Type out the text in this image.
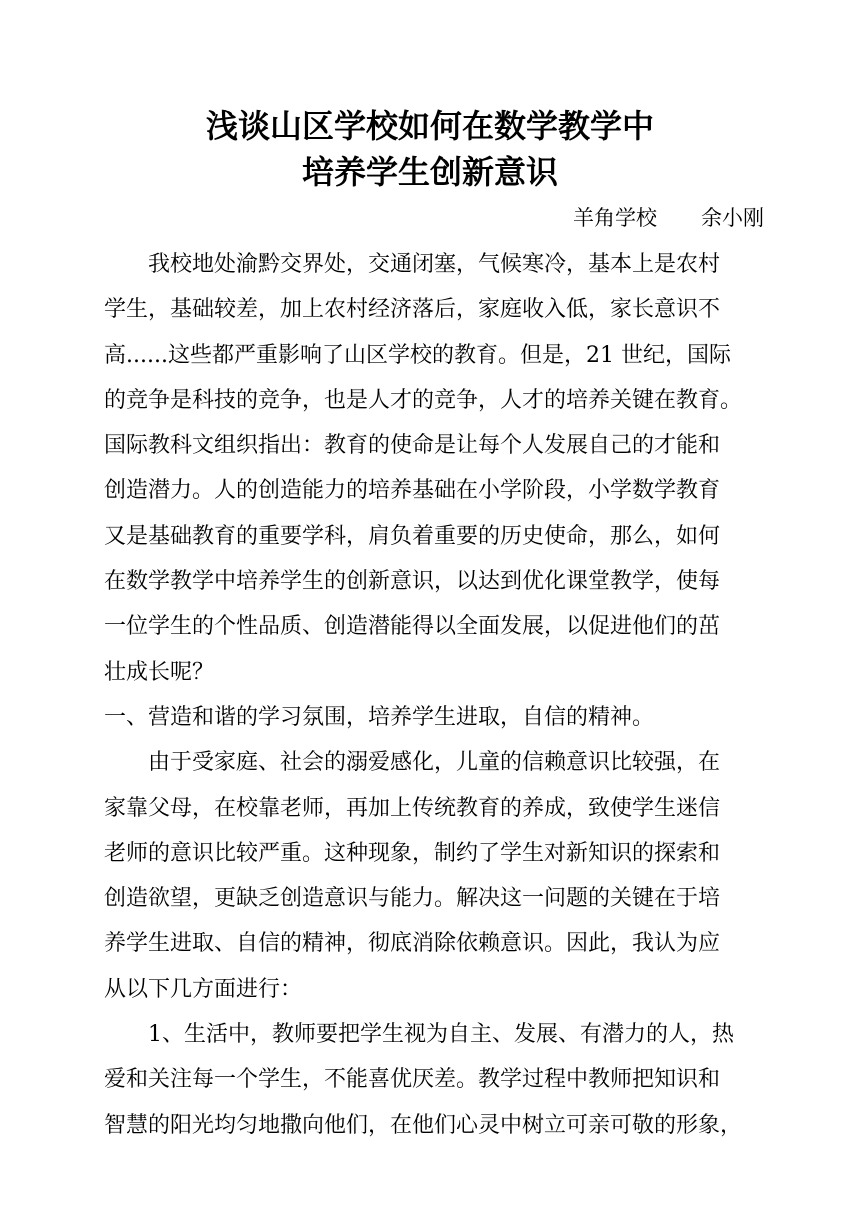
浅谈山区学校如何在数学教学中
培养学生创新意识
羊角学校 余小刚
我校地处渝黔交界处，交通闭塞，气候寒冷，基本上是农村
学生，基础较差，加上农村经济落后，家庭收入低，家长意识不
高......这些都严重影响了山区学校的教育。但是，21 世纪，国际
的竞争是科技的竞争，也是人才的竞争，人才的培养关键在教育。
国际教科文组织指出：教育的使命是让每个人发展自己的才能和
创造潜力。人的创造能力的培养基础在小学阶段，小学数学教育
又是基础教育的重要学科，肩负着重要的历史使命，那么，如何
在数学教学中培养学生的创新意识，以达到优化课堂教学，使每
一位学生的个性品质、创造潜能得以全面发展，以促进他们的茁
壮成长呢？
一、营造和谐的学习氛围，培养学生进取，自信的精神。
由于受家庭、社会的溺爱感化，儿童的信赖意识比较强，在
家靠父母，在校靠老师，再加上传统教育的养成，致使学生迷信
老师的意识比较严重。这种现象，制约了学生对新知识的探索和
创造欲望，更缺乏创造意识与能力。解决这一问题的关键在于培
养学生进取、自信的精神，彻底消除依赖意识。因此，我认为应
从以下几方面进行：
1、生活中，教师要把学生视为自主、发展、有潜力的人，热
爱和关注每一个学生，不能喜优厌差。教学过程中教师把知识和
智慧的阳光均匀地撒向他们，在他们心灵中树立可亲可敬的形象，
